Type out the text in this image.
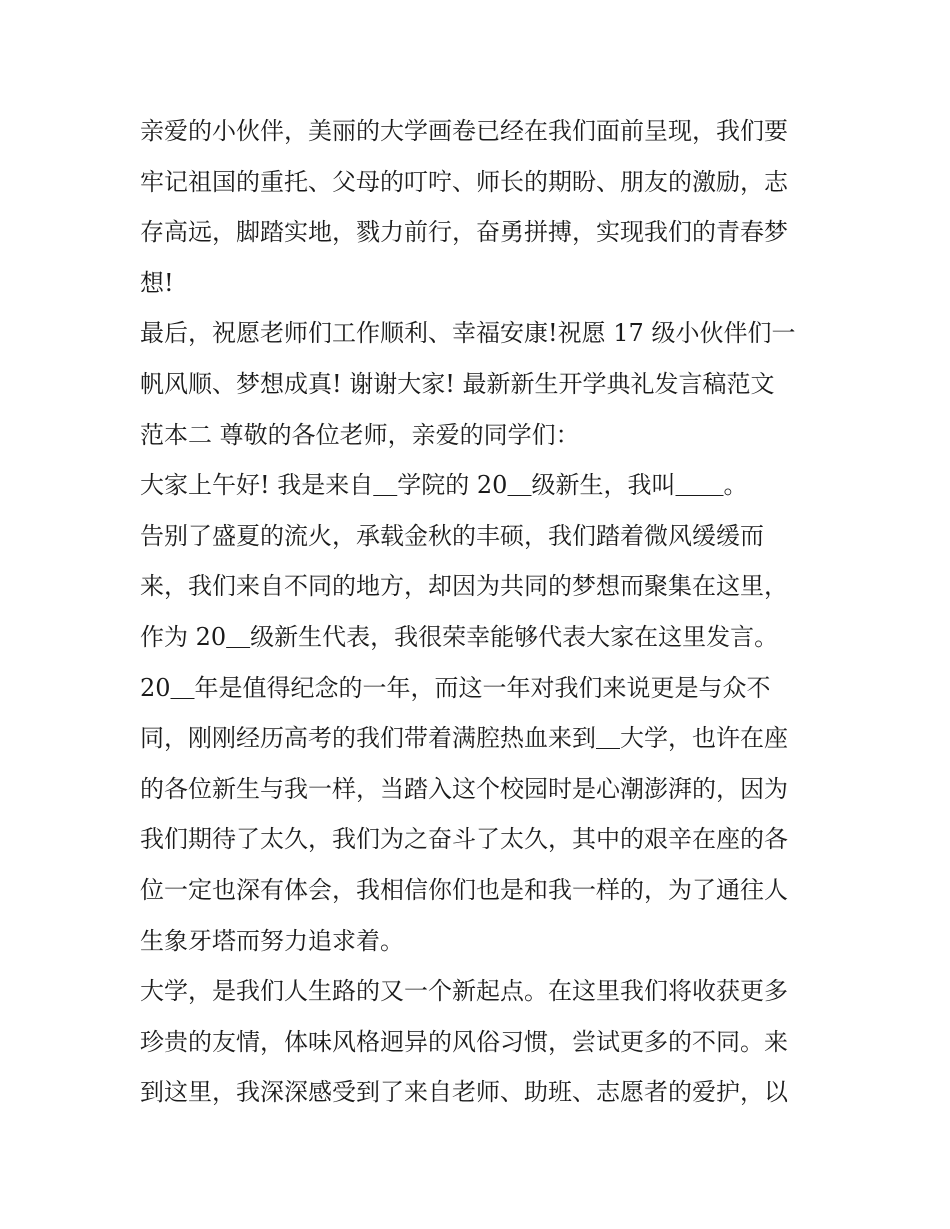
亲爱的小伙伴，美丽的大学画卷已经在我们面前呈现，我们要
牢记祖国的重托、父母的叮咛、师长的期盼、朋友的激励，志
存高远，脚踏实地，戮力前行，奋勇拼搏，实现我们的青春梦
想!
最后，祝愿老师们工作顺利、幸福安康!祝愿 17 级小伙伴们一
帆风顺、梦想成真! 谢谢大家! 最新新生开学典礼发言稿范文
范本二 尊敬的各位老师，亲爱的同学们：
大家上午好! 我是来自＿学院的 20＿级新生，我叫＿＿。
告别了盛夏的流火，承载金秋的丰硕，我们踏着微风缓缓而
来，我们来自不同的地方，却因为共同的梦想而聚集在这里，
作为 20＿级新生代表，我很荣幸能够代表大家在这里发言。
20＿年是值得纪念的一年，而这一年对我们来说更是与众不
同，刚刚经历高考的我们带着满腔热血来到＿大学，也许在座
的各位新生与我一样，当踏入这个校园时是心潮澎湃的，因为
我们期待了太久，我们为之奋斗了太久，其中的艰辛在座的各
位一定也深有体会，我相信你们也是和我一样的，为了通往人
生象牙塔而努力追求着。
大学，是我们人生路的又一个新起点。在这里我们将收获更多
珍贵的友情，体味风格迥异的风俗习惯，尝试更多的不同。来
到这里，我深深感受到了来自老师、助班、志愿者的爱护，以
